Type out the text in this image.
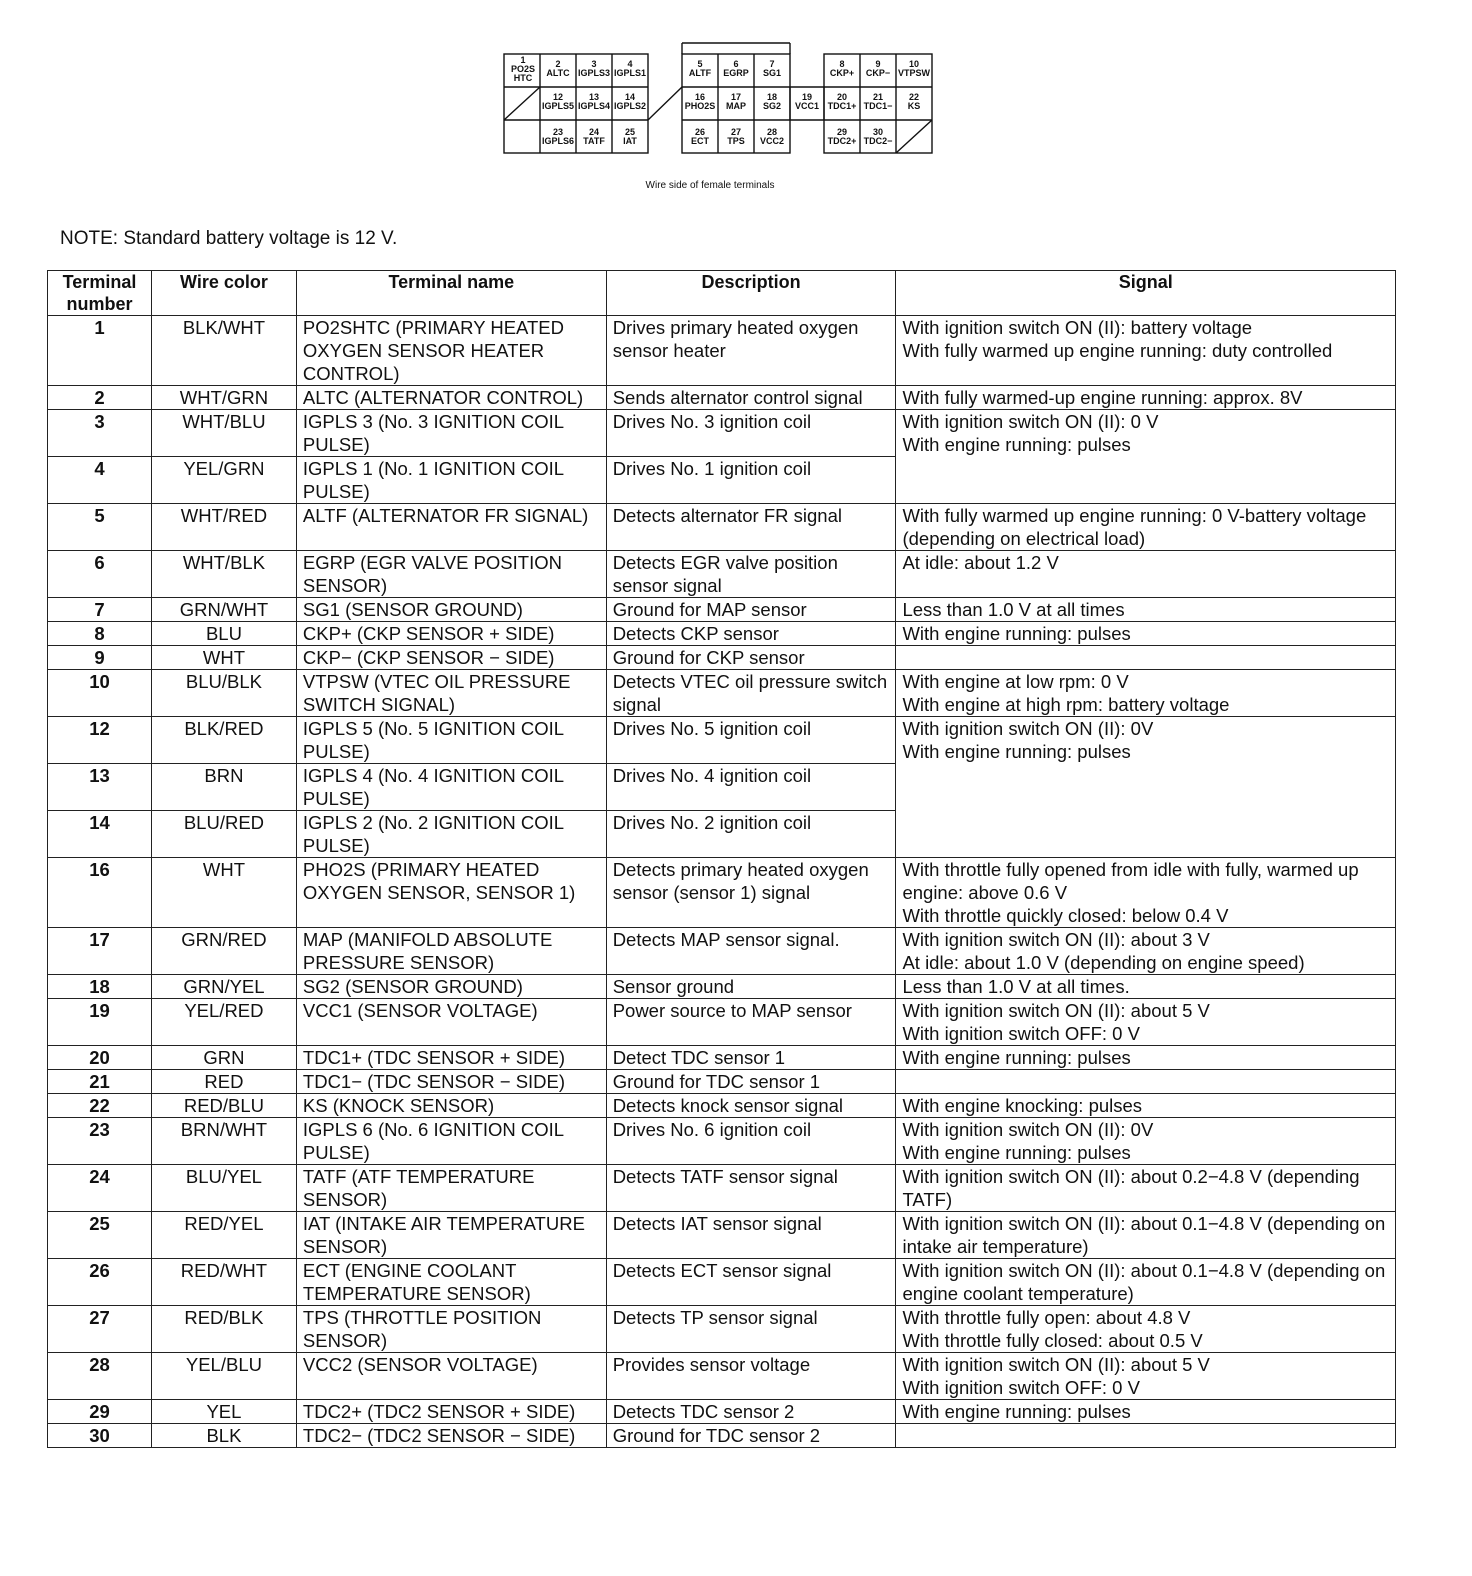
1
PO2S
HTC
2
ALTC
3
IGPLS3
4
IGPLS1
5
ALTF
6
EGRP
7
SG1
8
CKP+
9
CKP−
10
VTPSW
12
IGPLS5
13
IGPLS4
14
IGPLS2
16
PHO2S
17
MAP
18
SG2
19
VCC1
20
TDC1+
21
TDC1−
22
KS
23
IGPLS6
24
TATF
25
IAT
26
ECT
27
TPS
28
VCC2
29
TDC2+
30
TDC2−
Wire side of female terminals
NOTE: Standard battery voltage is 12 V.
Terminal number	Wire color	Terminal name	Description	Signal
1	BLK/WHT	PO2SHTC (PRIMARY HEATED OXYGEN SENSOR HEATER CONTROL)	Drives primary heated oxygen sensor heater	With ignition switch ON (II): battery voltage
With fully warmed up engine running: duty controlled
2	WHT/GRN	ALTC (ALTERNATOR CONTROL)	Sends alternator control signal	With fully warmed-up engine running: approx. 8V
3	WHT/BLU	IGPLS 3 (No. 3 IGNITION COIL PULSE)	Drives No. 3 ignition coil	With ignition switch ON (II): 0 V
With engine running: pulses
4	YEL/GRN	IGPLS 1 (No. 1 IGNITION COIL PULSE)	Drives No. 1 ignition coil	
5	WHT/RED	ALTF (ALTERNATOR FR SIGNAL)	Detects alternator FR signal	With fully warmed up engine running: 0 V-battery voltage (depending on electrical load)
6	WHT/BLK	EGRP (EGR VALVE POSITION SENSOR)	Detects EGR valve position sensor signal	At idle: about 1.2 V
7	GRN/WHT	SG1 (SENSOR GROUND)	Ground for MAP sensor	Less than 1.0 V at all times
8	BLU	CKP+ (CKP SENSOR + SIDE)	Detects CKP sensor	With engine running: pulses
9	WHT	CKP− (CKP SENSOR − SIDE)	Ground for CKP sensor	
10	BLU/BLK	VTPSW (VTEC OIL PRESSURE SWITCH SIGNAL)	Detects VTEC oil pressure switch signal	With engine at low rpm: 0 V
With engine at high rpm: battery voltage
12	BLK/RED	IGPLS 5 (No. 5 IGNITION COIL PULSE)	Drives No. 5 ignition coil	With ignition switch ON (II): 0V
With engine running: pulses
13	BRN	IGPLS 4 (No. 4 IGNITION COIL PULSE)	Drives No. 4 ignition coil	
14	BLU/RED	IGPLS 2 (No. 2 IGNITION COIL PULSE)	Drives No. 2 ignition coil	
16	WHT	PHO2S (PRIMARY HEATED OXYGEN SENSOR, SENSOR 1)	Detects primary heated oxygen sensor (sensor 1) signal	With throttle fully opened from idle with fully, warmed up engine: above 0.6 V
With throttle quickly closed: below 0.4 V
17	GRN/RED	MAP (MANIFOLD ABSOLUTE PRESSURE SENSOR)	Detects MAP sensor signal.	With ignition switch ON (II): about 3 V
At idle: about 1.0 V (depending on engine speed)
18	GRN/YEL	SG2 (SENSOR GROUND)	Sensor ground	Less than 1.0 V at all times.
19	YEL/RED	VCC1 (SENSOR VOLTAGE)	Power source to MAP sensor	With ignition switch ON (II): about 5 V
With ignition switch OFF: 0 V
20	GRN	TDC1+ (TDC SENSOR + SIDE)	Detect TDC sensor 1	With engine running: pulses
21	RED	TDC1− (TDC SENSOR − SIDE)	Ground for TDC sensor 1	
22	RED/BLU	KS (KNOCK SENSOR)	Detects knock sensor signal	With engine knocking: pulses
23	BRN/WHT	IGPLS 6 (No. 6 IGNITION COIL PULSE)	Drives No. 6 ignition coil	With ignition switch ON (II): 0V
With engine running: pulses
24	BLU/YEL	TATF (ATF TEMPERATURE SENSOR)	Detects TATF sensor signal	With ignition switch ON (II): about 0.2−4.8 V (depending TATF)
25	RED/YEL	IAT (INTAKE AIR TEMPERATURE SENSOR)	Detects IAT sensor signal	With ignition switch ON (II): about 0.1−4.8 V (depending on intake air temperature)
26	RED/WHT	ECT (ENGINE COOLANT TEMPERATURE SENSOR)	Detects ECT sensor signal	With ignition switch ON (II): about 0.1−4.8 V (depending on engine coolant temperature)
27	RED/BLK	TPS (THROTTLE POSITION SENSOR)	Detects TP sensor signal	With throttle fully open: about 4.8 V
With throttle fully closed: about 0.5 V
28	YEL/BLU	VCC2 (SENSOR VOLTAGE)	Provides sensor voltage	With ignition switch ON (II): about 5 V
With ignition switch OFF: 0 V
29	YEL	TDC2+ (TDC2 SENSOR + SIDE)	Detects TDC sensor 2	With engine running: pulses
30	BLK	TDC2− (TDC2 SENSOR − SIDE)	Ground for TDC sensor 2	
